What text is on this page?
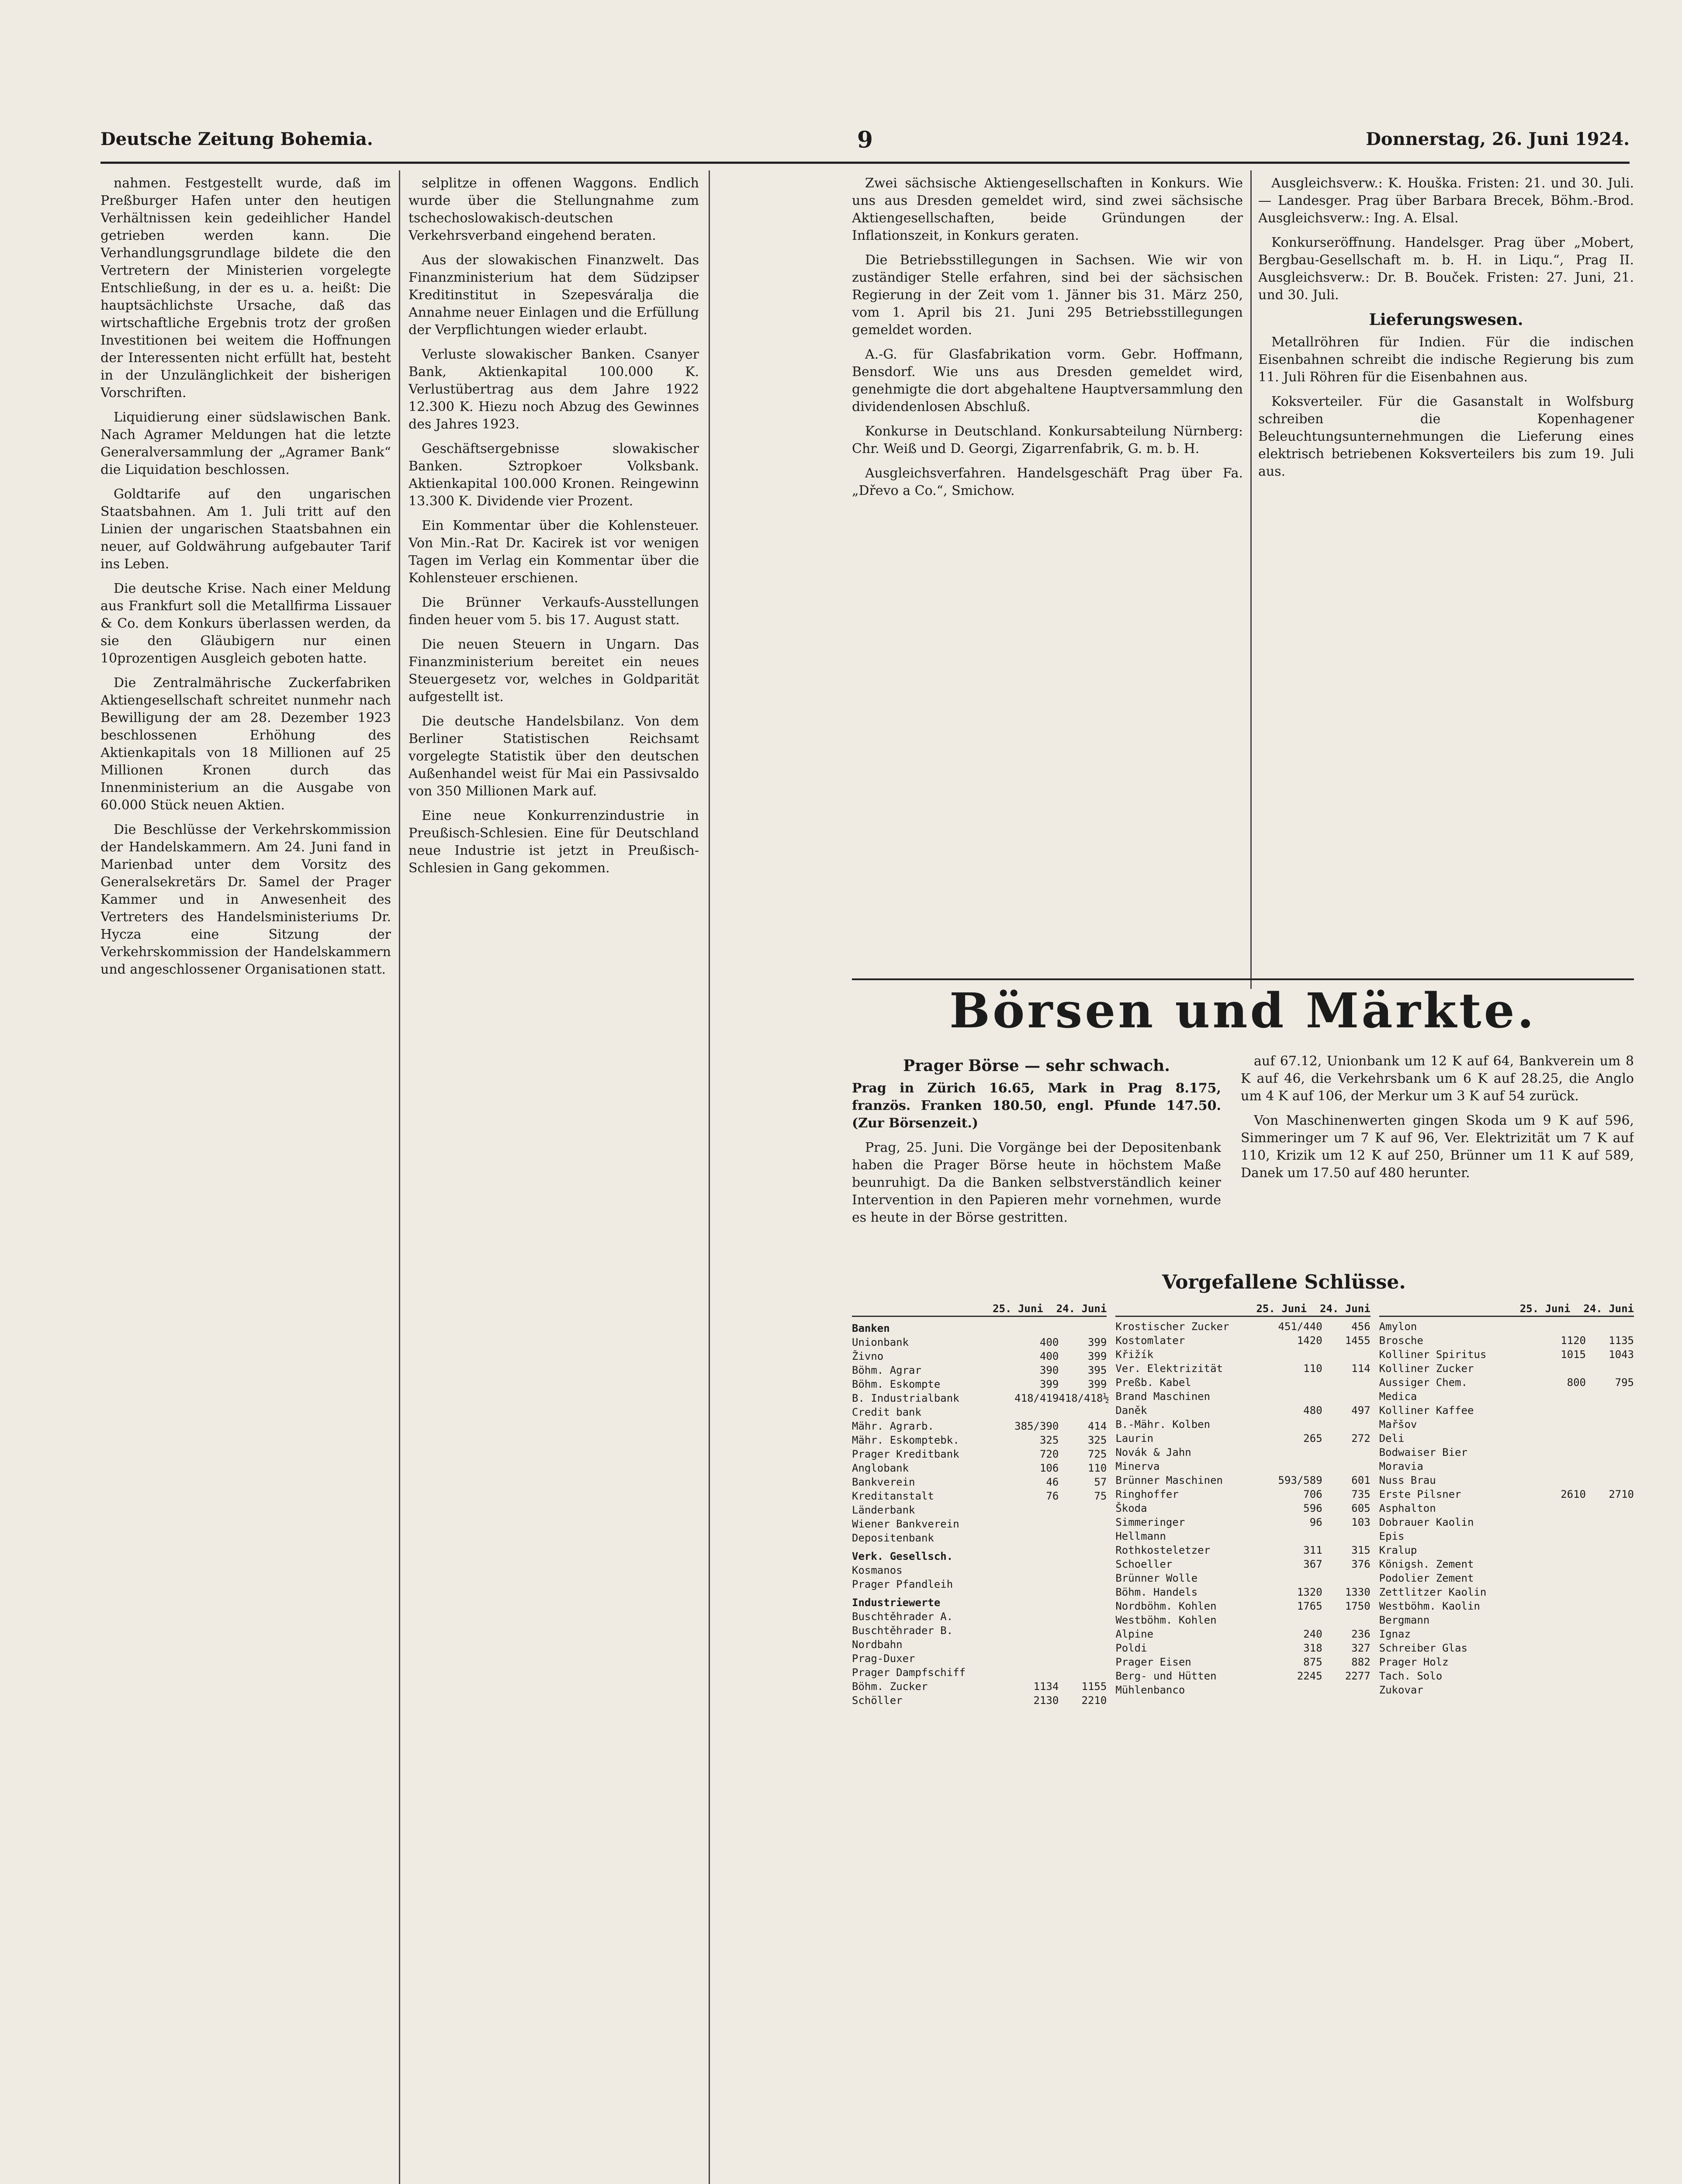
Deutsche Zeitung Bohemia.	9	Donnerstag, 26. Juni 1924.

nahmen. Festgestellt wurde, daß im Preßburger Hafen unter den heutigen Verhältnissen kein gedeihlicher Handel getrieben werden kann. Die Verhandlungsgrundlage bildete die den Vertretern der Ministerien vorgelegte Entschließung, in der es u. a. heißt: Die hauptsächlichste Ursache, daß das wirtschaftliche Ergebnis trotz der großen Investitionen bei weitem die Hoffnungen der Interessenten nicht erfüllt hat, besteht in der Unzulänglichkeit der bisherigen Vorschriften.

Liquidierung einer südslawischen Bank. Nach Agramer Meldungen hat die letzte Generalversammlung der „Agramer Bank“ die Liquidation beschlossen.

Goldtarife auf den ungarischen Staatsbahnen. Am 1. Juli tritt auf den Linien der ungarischen Staatsbahnen ein neuer, auf Goldwährung aufgebauter Tarif ins Leben.

Die deutsche Krise. Nach einer Meldung aus Frankfurt soll die Metallfirma Lissauer & Co. dem Konkurs überlassen werden, da sie den Gläubigern nur einen 10prozentigen Ausgleich geboten hatte.

Die Zentralmährische Zuckerfabriken Aktiengesellschaft schreitet nunmehr nach Bewilligung der am 28. Dezember 1923 beschlossenen Erhöhung des Aktienkapitals von 18 Millionen auf 25 Millionen Kronen durch das Innenministerium an die Ausgabe von 60.000 Stück neuen Aktien.

Die Beschlüsse der Verkehrskommission der Handelskammern. Am 24. Juni fand in Marienbad unter dem Vorsitz des Generalsekretärs Dr. Samel der Prager Kammer und in Anwesenheit des Vertreters des Handelsministeriums Dr. Hycza eine Sitzung der Verkehrskommission der Handelskammern und angeschlossener Organisationen statt.

selplitze in offenen Waggons. Endlich wurde über die Stellungnahme zum tschechoslowakisch-deutschen Verkehrsverband eingehend beraten.

Aus der slowakischen Finanzwelt. Das Finanzministerium hat dem Südzipser Kreditinstitut in Szepesváralja die Annahme neuer Einlagen und die Erfüllung der Verpflichtungen wieder erlaubt.

Verluste slowakischer Banken. Csanyer Bank, Aktienkapital 100.000 K. Verlustübertrag aus dem Jahre 1922 12.300 K. Hiezu noch Abzug des Gewinnes des Jahres 1923.

Geschäftsergebnisse slowakischer Banken. Sztropkoer Volksbank. Aktienkapital 100.000 Kronen. Reingewinn 13.300 K. Dividende vier Prozent.

Ein Kommentar über die Kohlensteuer. Von Min.-Rat Dr. Kacirek ist vor wenigen Tagen im Verlag ein Kommentar über die Kohlensteuer erschienen.

Die Brünner Verkaufs-Ausstellungen finden heuer vom 5. bis 17. August statt.

Die neuen Steuern in Ungarn. Das Finanzministerium bereitet ein neues Steuergesetz vor, welches in Goldparität aufgestellt ist.

Die deutsche Handelsbilanz. Von dem Berliner Statistischen Reichsamt vorgelegte Statistik über den deutschen Außenhandel weist für Mai ein Passivsaldo von 350 Millionen Mark auf.

Eine neue Konkurrenzindustrie in Preußisch-Schlesien. Eine für Deutschland neue Industrie ist jetzt in Preußisch-Schlesien in Gang gekommen.

Zwei sächsische Aktiengesellschaften in Konkurs. Wie uns aus Dresden gemeldet wird, sind zwei sächsische Aktiengesellschaften, beide Gründungen der Inflationszeit, in Konkurs geraten.

Die Betriebsstillegungen in Sachsen. Wie wir von zuständiger Stelle erfahren, sind bei der sächsischen Regierung in der Zeit vom 1. Jänner bis 31. März 250, vom 1. April bis 21. Juni 295 Betriebsstillegungen gemeldet worden.

A.-G. für Glasfabrikation vorm. Gebr. Hoffmann, Bensdorf. Wie uns aus Dresden gemeldet wird, genehmigte die dort abgehaltene Hauptversammlung den dividendenlosen Abschluß.

Konkurse in Deutschland. Konkursabteilung Nürnberg: Chr. Weiß und D. Georgi, Zigarrenfabrik, G. m. b. H.

Ausgleichsverfahren. Handelsgeschäft Prag über Fa. „Dřevo a Co.“, Smichow.

Ausgleichsverw.: K. Houška. Fristen: 21. und 30. Juli. — Landesger. Prag über Barbara Brecek, Böhm.-Brod. Ausgleichsverw.: Ing. A. Elsal.

Konkurseröffnung. Handelsger. Prag über „Mobert, Bergbau-Gesellschaft m. b. H. in Liqu.“, Prag II. Ausgleichsverw.: Dr. B. Bouček. Fristen: 27. Juni, 21. und 30. Juli.

Lieferungswesen.

Metallröhren für Indien. Für die indischen Eisenbahnen schreibt die indische Regierung bis zum 11. Juli Röhren für die Eisenbahnen aus.

Koksverteiler. Für die Gasanstalt in Wolfsburg schreiben die Kopenhagener Beleuchtungsunternehmungen die Lieferung eines elektrisch betriebenen Koksverteilers bis zum 19. Juli aus.

Börsen und Märkte.
Prager Börse — sehr schwach.

Prag in Zürich 16.65, Mark in Prag 8.175, französ. Franken 180.50, engl. Pfunde 147.50. (Zur Börsenzeit.)

Prag, 25. Juni. Die Vorgänge bei der Depositenbank haben die Prager Börse heute in höchstem Maße beunruhigt. Da die Banken selbstverständlich keiner Intervention in den Papieren mehr vornehmen, wurde es heute in der Börse gestritten.

auf 67.12, Unionbank um 12 K auf 64, Bankverein um 8 K auf 46, die Verkehrsbank um 6 K auf 28.25, die Anglo um 4 K auf 106, der Merkur um 3 K auf 54 zurück.

Von Maschinenwerten gingen Skoda um 9 K auf 596, Simmeringer um 7 K auf 96, Ver. Elektrizität um 7 K auf 110, Krizik um 12 K auf 250, Brünner um 11 K auf 589, Danek um 17.50 auf 480 herunter.

Vorgefallene Schlüsse.
25. Juni 24. Juni
Banken
Unionbank	400	399
Živno	400	399
Böhm. Agrar	390	395
Böhm. Eskompte	399	399
B. Industrialbank	418/419 418/418½
Credit bank
Mähr. Agrarb.	385/390	414
Mähr. Eskomptebk.	325	325
Prager Kreditbank	720	725
Anglobank	106	110
Bankverein	46	57
Kreditanstalt	76	75
Länderbank
Wiener Bankverein
Depositenbank
Verk. Gesellsch.
Kosmanos
Prager Pfandleih
Industriewerte
Buschtěhrader A.
Buschtěhrader B.
Nordbahn
Prag-Duxer
Prager Dampfschiff
Böhm. Zucker	1134	1155
Schöller	2130	2210
25. Juni 24. Juni
Krostischer Zucker	451/440	456
Kostomlater	1420	1455
Křižík
Ver. Elektrizität	110	114
Preßb. Kabel
Brand Maschinen
Daněk	480	497
B.-Mähr. Kolben
Laurin	265	272
Novák & Jahn
Minerva
Brünner Maschinen	593/589	601
Ringhoffer	706	735
Škoda	596	605
Simmeringer	96	103
Hellmann
Rothkosteletzer	311	315
Schoeller	367	376
Brünner Wolle
Böhm. Handels	1320	1330
Nordböhm. Kohlen	1765	1750
Westböhm. Kohlen
Alpine	240	236
Poldi	318	327
Prager Eisen	875	882
Berg- und Hütten	2245	2277
Mühlenbanco
25. Juni 24. Juni
Amylon
Brosche	1120	1135
Kolliner Spiritus	1015	1043
Kolliner Zucker
Aussiger Chem.	800	795
Medica
Kolliner Kaffee
Mařšov
Deli
Bodwaiser Bier
Moravia
Nuss Brau
Erste Pilsner	2610	2710
Asphalton
Dobrauer Kaolin
Epis
Kralup
Königsh. Zement
Podolier Zement
Zettlitzer Kaolin
Westböhm. Kaolin
Bergmann
Ignaz
Schreiber Glas
Prager Holz
Tach. Solo
Zukovar
